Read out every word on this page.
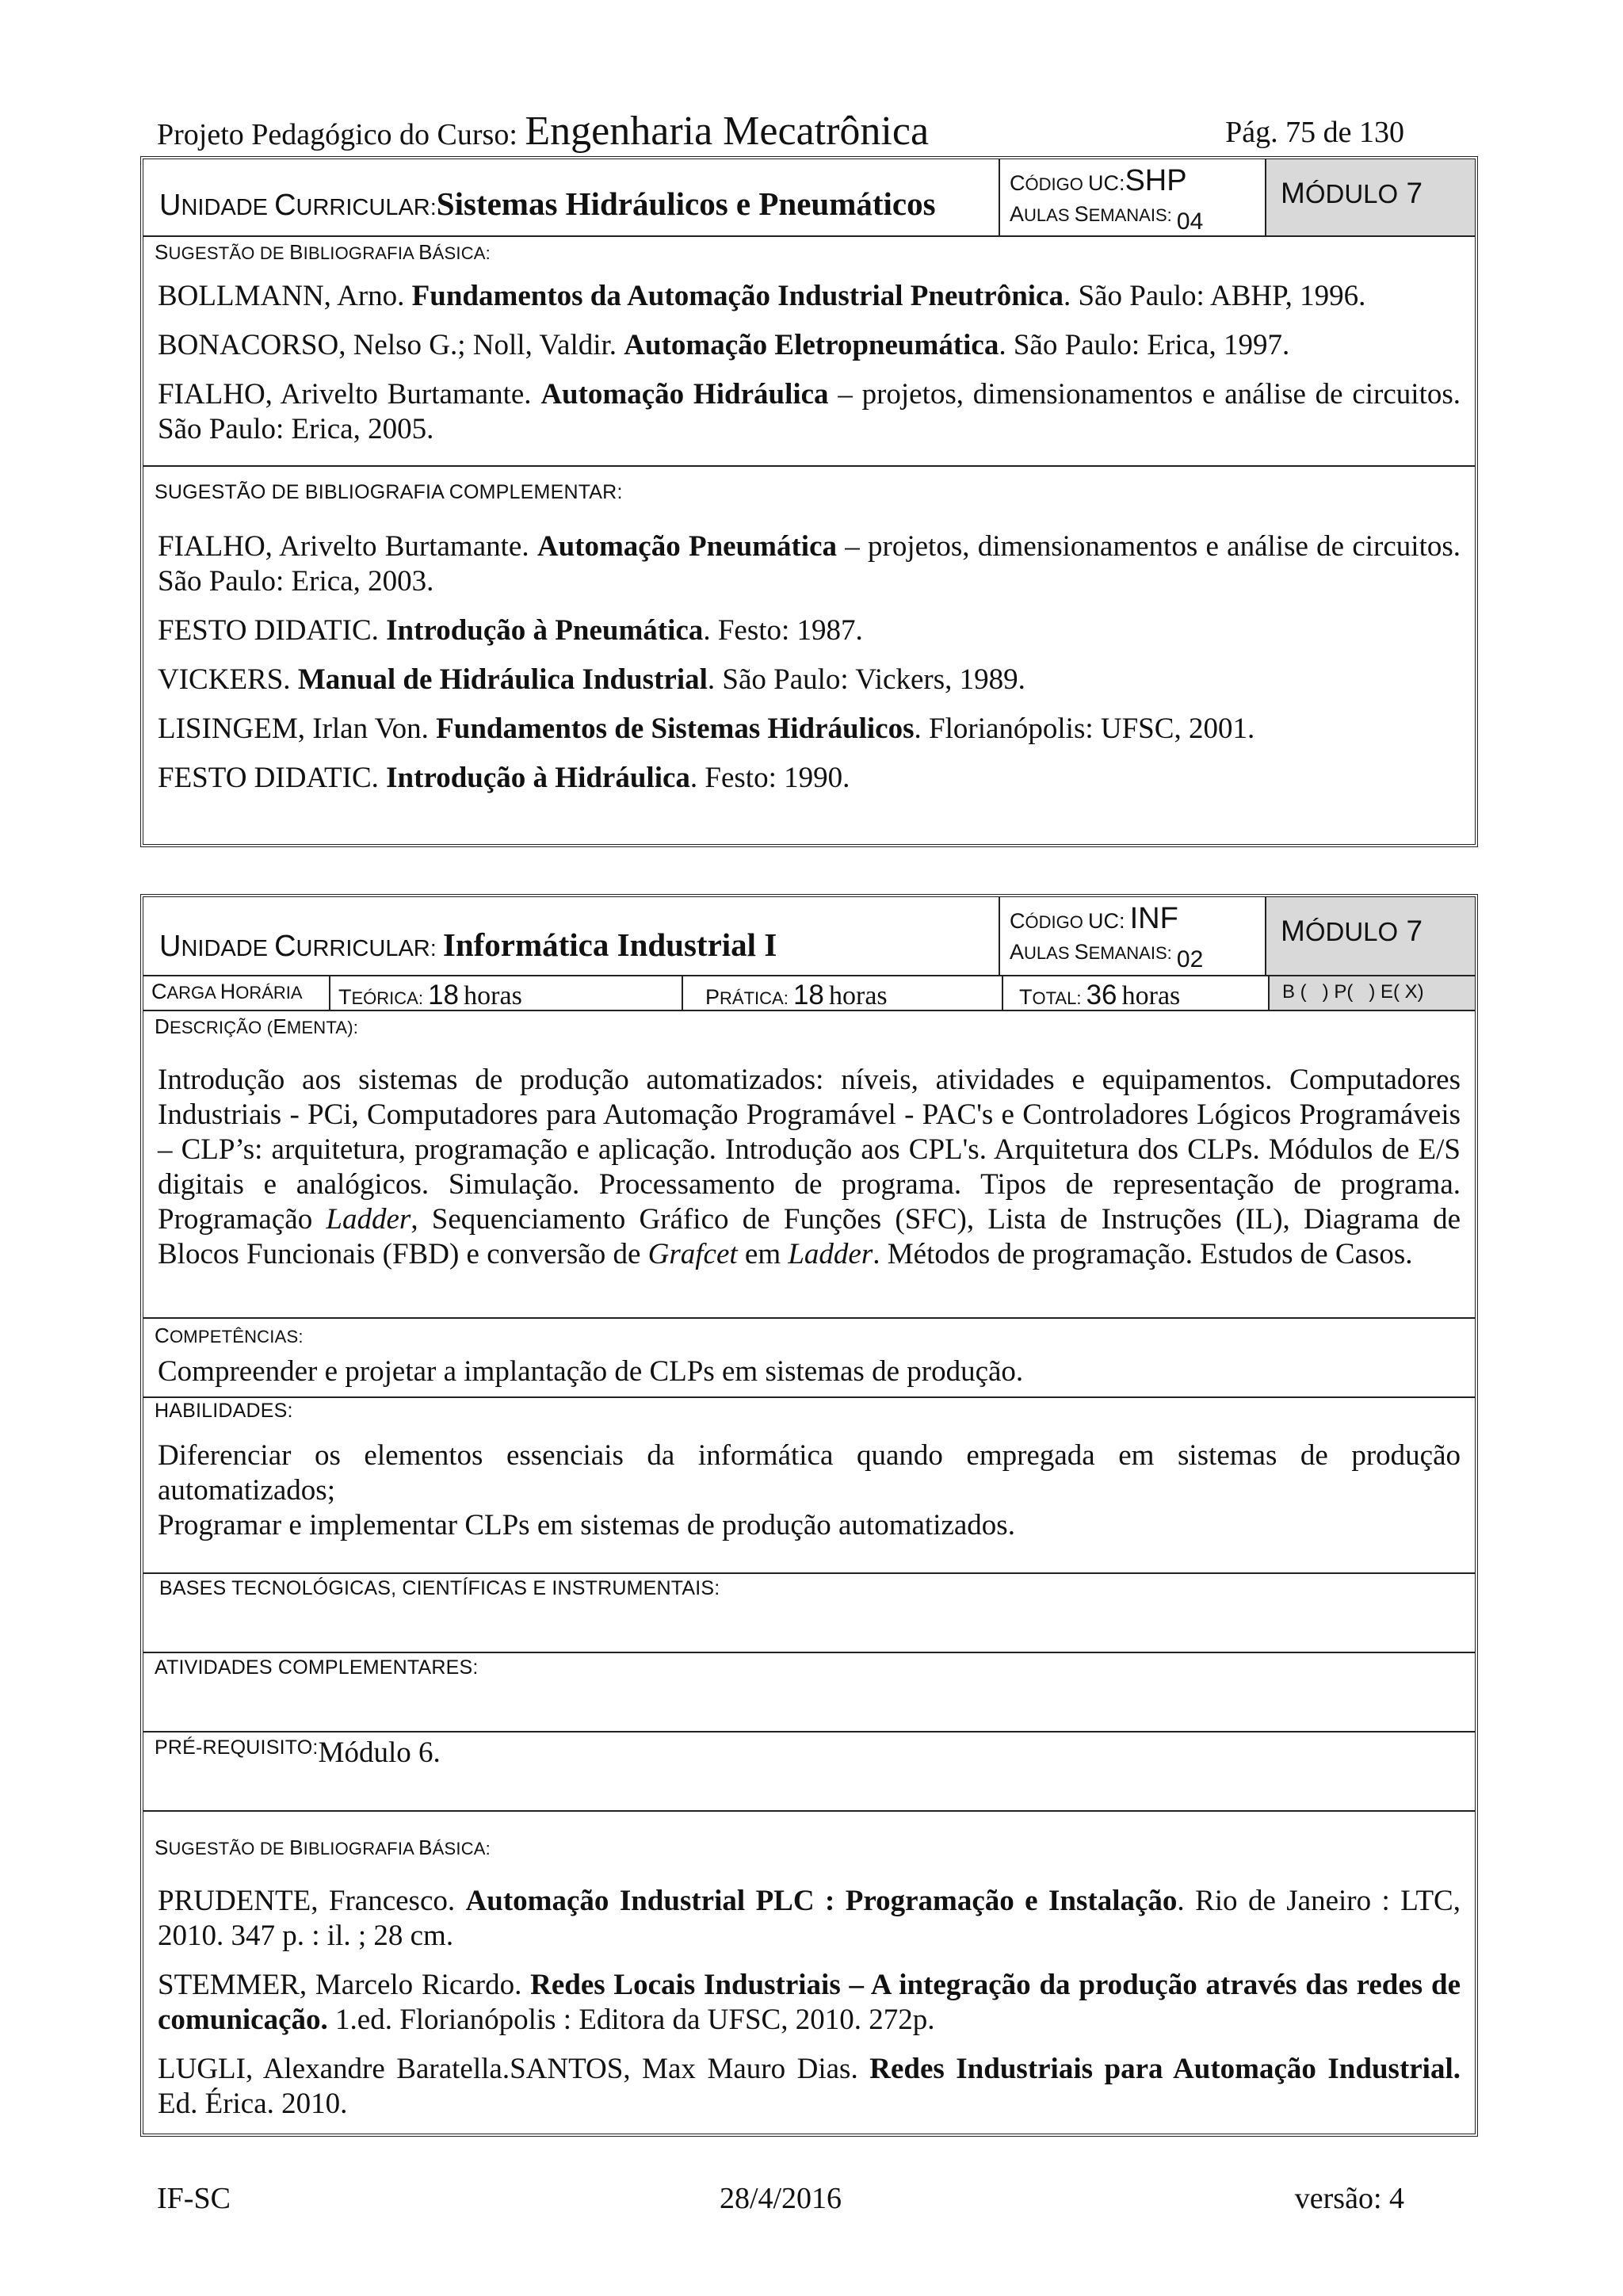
Projeto Pedagógico do Curso: Engenharia Mecatrônica	Pág. 75 de 130
UNIDADE CURRICULAR:Sistemas Hidráulicos e Pneumáticos
CÓDIGO UC:SHP
AULAS SEMANAIS: 04
MÓDULO 7
SUGESTÃO DE BIBLIOGRAFIA BÁSICA:

BOLLMANN, Arno. Fundamentos da Automação Industrial Pneutrônica. São Paulo: ABHP, 1996.

BONACORSO, Nelso G.; Noll, Valdir. Automação Eletropneumática. São Paulo: Erica, 1997.

FIALHO, Arivelto Burtamante. Automação Hidráulica – projetos, dimensionamentos e análise de circuitos. São Paulo: Erica, 2005.

SUGESTÃO DE BIBLIOGRAFIA COMPLEMENTAR:

FIALHO, Arivelto Burtamante. Automação Pneumática – projetos, dimensionamentos e análise de circuitos. São Paulo: Erica, 2003.

FESTO DIDATIC. Introdução à Pneumática. Festo: 1987.

VICKERS. Manual de Hidráulica Industrial. São Paulo: Vickers, 1989.

LISINGEM, Irlan Von. Fundamentos de Sistemas Hidráulicos. Florianópolis: UFSC, 2001.

FESTO DIDATIC. Introdução à Hidráulica. Festo: 1990.

UNIDADE CURRICULAR: Informática Industrial I
CÓDIGO UC: INF
AULAS SEMANAIS: 02
MÓDULO 7
CARGA HORÁRIA TEÓRICA: 18 horas	PRÁTICA: 18 horas	TOTAL: 36 horas	B (   ) P(   ) E( X)
DESCRIÇÃO (EMENTA):

Introdução aos sistemas de produção automatizados: níveis, atividades e equipamentos. Computadores Industriais - PCi, Computadores para Automação Programável - PAC's e Controladores Lógicos Programáveis – CLP’s: arquitetura, programação e aplicação. Introdução aos CPL's. Arquitetura dos CLPs. Módulos de E/S digitais e analógicos. Simulação. Processamento de programa. Tipos de representação de programa. Programação Ladder, Sequenciamento Gráfico de Funções (SFC), Lista de Instruções (IL), Diagrama de Blocos Funcionais (FBD) e conversão de Grafcet em Ladder. Métodos de programação. Estudos de Casos.

COMPETÊNCIAS:

Compreender e projetar a implantação de CLPs em sistemas de produção.

HABILIDADES:

Diferenciar os elementos essenciais da informática quando empregada em sistemas de produção automatizados;

Programar e implementar CLPs em sistemas de produção automatizados.

BASES TECNOLÓGICAS, CIENTÍFICAS E INSTRUMENTAIS:
ATIVIDADES COMPLEMENTARES:
PRÉ-REQUISITO:Módulo 6.
SUGESTÃO DE BIBLIOGRAFIA BÁSICA:

PRUDENTE, Francesco. Automação Industrial PLC : Programação e Instalação. Rio de Janeiro : LTC, 2010. 347 p. : il. ; 28 cm.

STEMMER, Marcelo Ricardo. Redes Locais Industriais – A integração da produção através das redes de comunicação. 1.ed. Florianópolis : Editora da UFSC, 2010. 272p.

LUGLI, Alexandre Baratella.SANTOS, Max Mauro Dias. Redes Industriais para Automação Industrial. Ed. Érica. 2010.

IF-SC	28/4/2016	versão: 4
